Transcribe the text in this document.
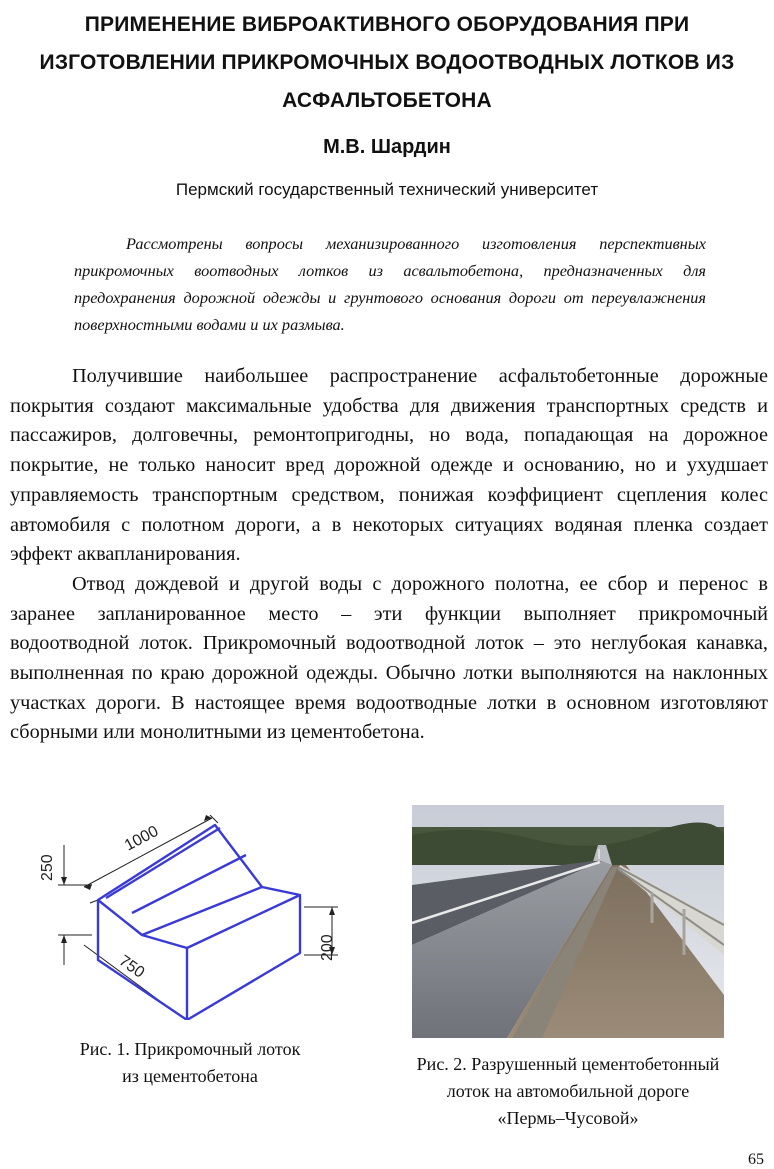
ПРИМЕНЕНИЕ ВИБРОАКТИВНОГО ОБОРУДОВАНИЯ ПРИ ИЗГОТОВЛЕНИИ ПРИКРОМОЧНЫХ ВОДООТВОДНЫХ ЛОТКОВ ИЗ АСФАЛЬТОБЕТОНА
М.В. Шардин
Пермский государственный технический университет
Рассмотрены вопросы механизированного изготовления перспективных прикромочных воотводных лотков из асвальтобетона, предназначенных для предохранения дорожной одежды и грунтового основания дороги от переувлажнения поверхностными водами и их размыва.

Получившие наибольшее распространение асфальтобетонные дорожные покрытия создают максимальные удобства для движения транспортных средств и пассажиров, долговечны, ремонтопригодны, но вода, попадающая на дорожное покрытие, не только наносит вред дорожной одежде и основанию, но и ухудшает управляемость транспортным средством, понижая коэффициент сцепления колес автомобиля с полотном дороги, а в некоторых ситуациях водяная пленка создает эффект аквапланирования.

Отвод дождевой и другой воды с дорожного полотна, ее сбор и перенос в заранее запланированное место – эти функции выполняет прикромочный водоотводной лоток. Прикромочный водоотводной лоток – это неглубокая канавка, выполненная по краю дорожной одежды. Обычно лотки выполняются на наклонных участках дороги. В настоящее время водоотводные лотки в основном изготовляют сборными или монолитными из цементобетона.

1000
250
200
750
Рис. 1. Прикромочный лоток
из цементобетона
Рис. 2. Разрушенный цементобетонный
лоток на автомобильной дороге
«Пермь–Чусовой»
65
